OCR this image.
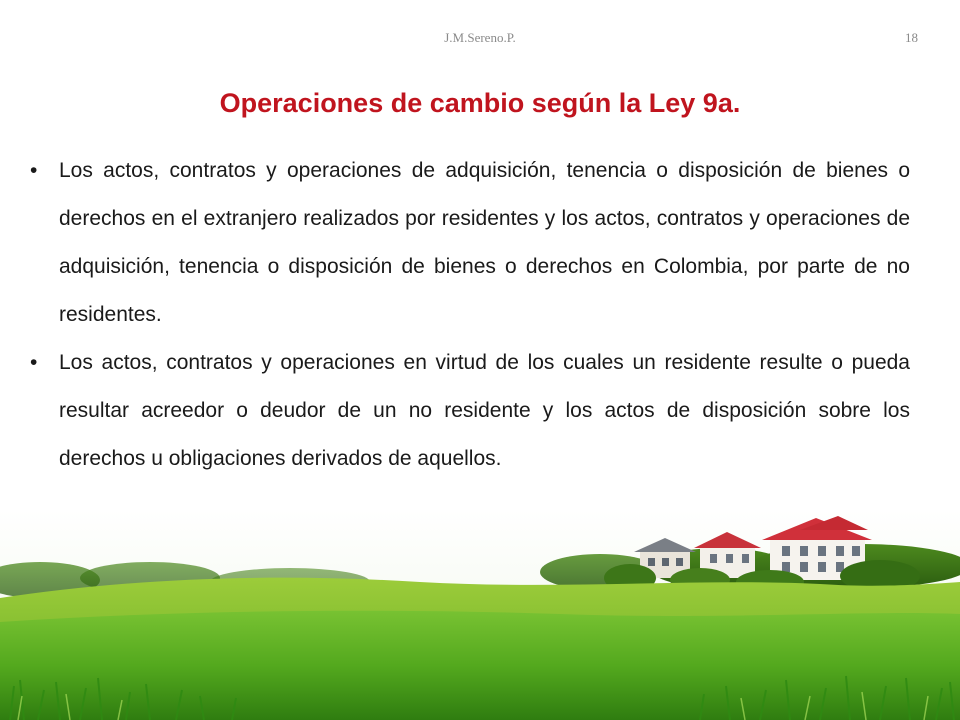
J.M.Sereno.P.	18
Operaciones de cambio según la Ley 9a.
• Los actos, contratos y operaciones de adquisición, tenencia o disposición de bienes o derechos en el extranjero realizados por residentes y los actos, contratos y operaciones de adquisición, tenencia o disposición de bienes o derechos en Colombia, por parte de no residentes.
• Los actos, contratos y operaciones en virtud de los cuales un residente resulte o pueda resultar acreedor o deudor de un no residente y los actos de disposición sobre los derechos u obligaciones derivados de aquellos.
